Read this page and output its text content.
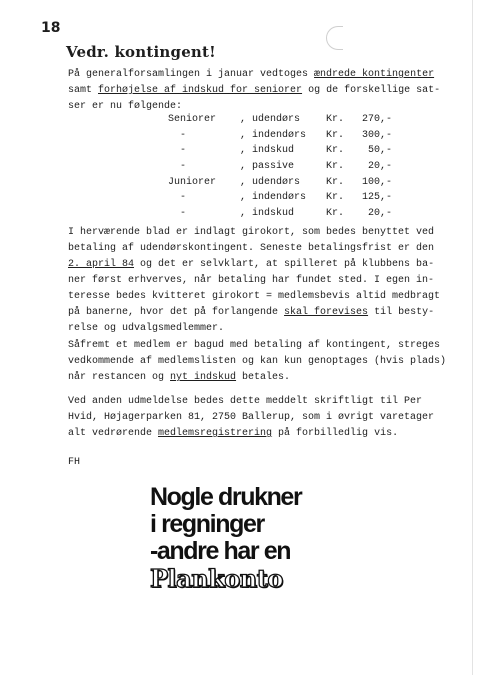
18
Vedr. kontingent!
På generalforsamlingen i januar vedtoges ændrede kontingenter
samt forhøjelse af indskud for seniorer og de forskellige sat-
ser er nu følgende:
Seniorer	, udendørs	Kr.	270,-
-	, indendørs	Kr.	300,-
-	, indskud	Kr.	50,-
-	, passive	Kr.	20,-
Juniorer	, udendørs	Kr.	100,-
-	, indendørs	Kr.	125,-
-	, indskud	Kr.	20,-
I herværende blad er indlagt girokort, som bedes benyttet ved
betaling af udendørskontingent. Seneste betalingsfrist er den
2. april 84 og det er selvklart, at spilleret på klubbens ba-
ner først erhverves, når betaling har fundet sted. I egen in-
teresse bedes kvitteret girokort = medlemsbevis altid medbragt
på banerne, hvor det på forlangende skal forevises til besty-
relse og udvalgsmedlemmer.
Såfremt et medlem er bagud med betaling af kontingent, streges
vedkommende af medlemslisten og kan kun genoptages (hvis plads)
når restancen og nyt indskud betales.
Ved anden udmeldelse bedes dette meddelt skriftligt til Per
Hvid, Højagerparken 81, 2750 Ballerup, som i øvrigt varetager
alt vedrørende medlemsregistrering på forbilledlig vis.
FH
Nogle drukner
i regninger
-andre har en
Plankonto
